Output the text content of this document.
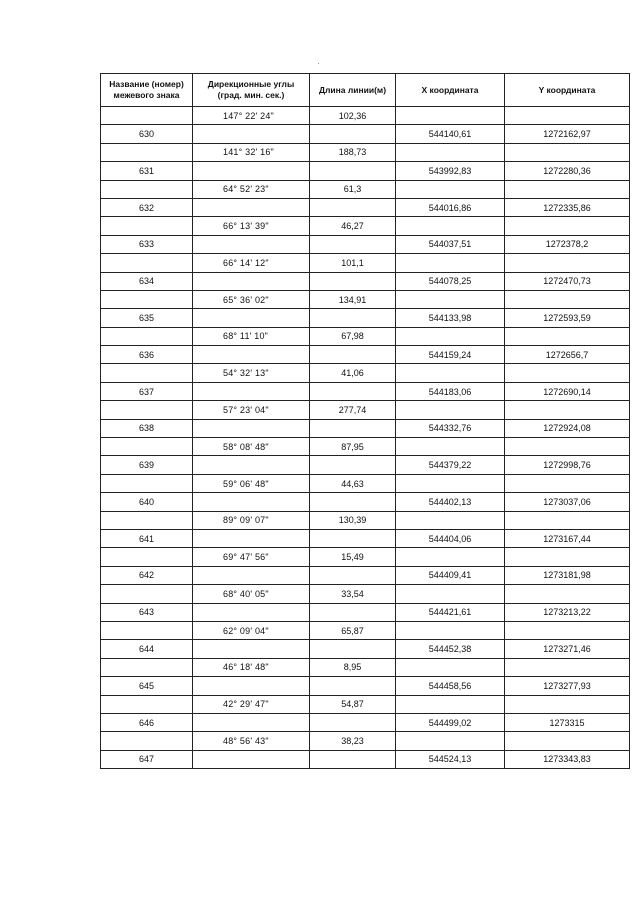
Название (номер) межевого знака	Дирекционные углы (град. мин. сек.)	Длина линии(м)	X координата	Y координата
	147° 22' 24"	102,36		
630			544140,61	1272162,97
	141° 32' 16"	188,73		
631			543992,83	1272280,36
	64° 52' 23"	61,3		
632			544016,86	1272335,86
	66° 13' 39"	46,27		
633			544037,51	1272378,2
	66° 14' 12"	101,1		
634			544078,25	1272470,73
	65° 36' 02"	134,91		
635			544133,98	1272593,59
	68° 11' 10"	67,98		
636			544159,24	1272656,7
	54° 32' 13"	41,06		
637			544183,06	1272690,14
	57° 23' 04"	277,74		
638			544332,76	1272924,08
	58° 08' 48"	87,95		
639			544379,22	1272998,76
	59° 06' 48"	44,63		
640			544402,13	1273037,06
	89° 09' 07"	130,39		
641			544404,06	1273167,44
	69° 47' 56"	15,49		
642			544409,41	1273181,98
	68° 40' 05"	33,54		
643			544421,61	1273213,22
	62° 09' 04"	65,87		
644			544452,38	1273271,46
	46° 18' 48"	8,95		
645			544458,56	1273277,93
	42° 29' 47"	54,87		
646			544499,02	1273315
	48° 56' 43"	38,23		
647			544524,13	1273343,83
